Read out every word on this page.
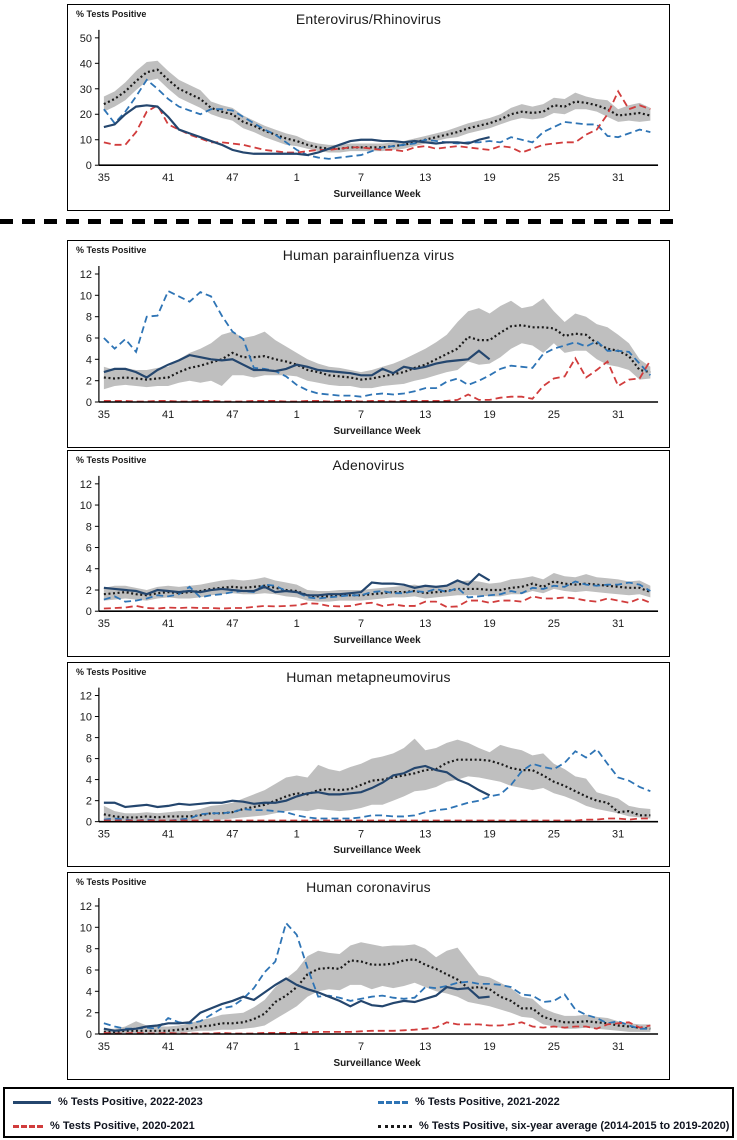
% Tests Positive	Enterovirus/Rhinovirus
0
10
20
30
40
50
35	41	47	1	7	13	19	25	31
Surveillance Week
% Tests Positive	Human parainfluenza virus
0
2
4
6
8
10
12
35	41	47	1	7	13	19	25	31
Surveillance Week
% Tests Positive	Adenovirus
0
2
4
6
8
10
12
35	41	47	1	7	13	19	25	31
Surveillance Week
% Tests Positive	Human metapneumovirus
0
2
4
6
8
10
12
35	41	47	1	7	13	19	25	31
Surveillance Week
% Tests Positive	Human coronavirus
0
2
4
6
8
10
12
35	41	47	1	7	13	19	25	31
Surveillance Week
% Tests Positive, 2022-2023	% Tests Positive, 2021-2022
% Tests Positive, 2020-2021	% Tests Positive, six-year average (2014-2015 to 2019-2020)
